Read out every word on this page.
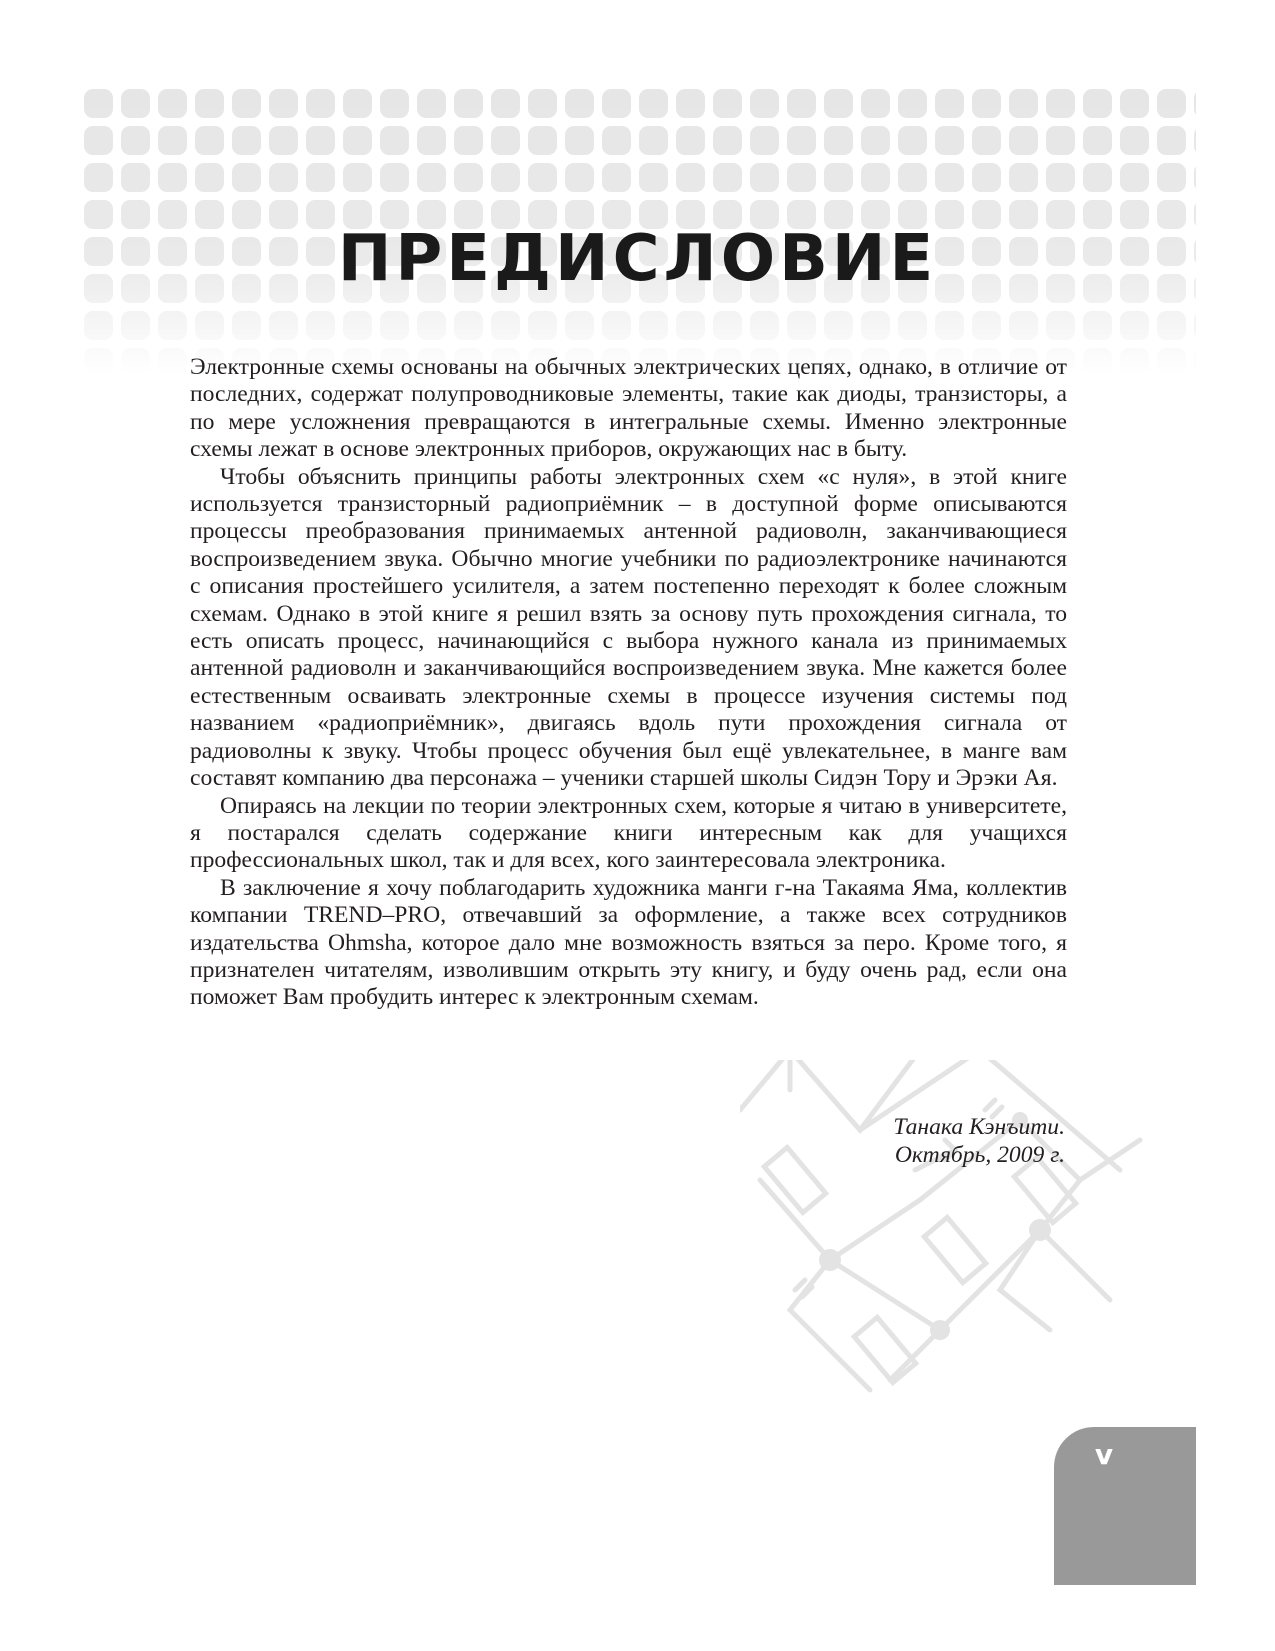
ПРЕДИСЛОВИЕ

Электронные схемы основаны на обычных электрических цепях, однако, в отличие от последних, содержат полупроводниковые элементы, такие как диоды, транзисторы, а по мере усложнения превращаются в интегральные схемы. Именно электронные схемы лежат в основе электронных приборов, окружающих нас в быту.

Чтобы объяснить принципы работы электронных схем «с нуля», в этой книге используется транзисторный радиоприёмник – в доступной форме описываются процессы преобразования принимаемых антенной радиоволн, заканчивающиеся воспроизведением звука. Обычно многие учебники по радиоэлектронике начинаются с описания простейшего усилителя, а затем постепенно переходят к более сложным схемам. Однако в этой книге я решил взять за основу путь прохождения сигнала, то есть описать процесс, начинающийся с выбора нужного канала из принимаемых антенной радиоволн и заканчивающийся воспроизведением звука. Мне кажется более естественным осваивать электронные схемы в процессе изучения системы под названием «радиоприёмник», двигаясь вдоль пути прохождения сигнала от радиоволны к звуку. Чтобы процесс обучения был ещё увлекательнее, в манге вам составят компанию два персонажа – ученики старшей школы Сидэн Тору и Эрэки Ая.

Опираясь на лекции по теории электронных схем, которые я читаю в университете, я постарался сделать содержание книги интересным как для учащихся профессиональных школ, так и для всех, кого заинтересовала электроника.

В заключение я хочу поблагодарить художника манги г-на Такаяма Яма, коллектив компании TREND–PRO, отвечавший за оформление, а также всех сотрудников издательства Ohmsha, которое дало мне возможность взяться за перо. Кроме того, я признателен читателям, изволившим открыть эту книгу, и буду очень рад, если она поможет Вам пробудить интерес к электронным схемам.

Танака Кэнъити.
Октябрь, 2009 г.
v
